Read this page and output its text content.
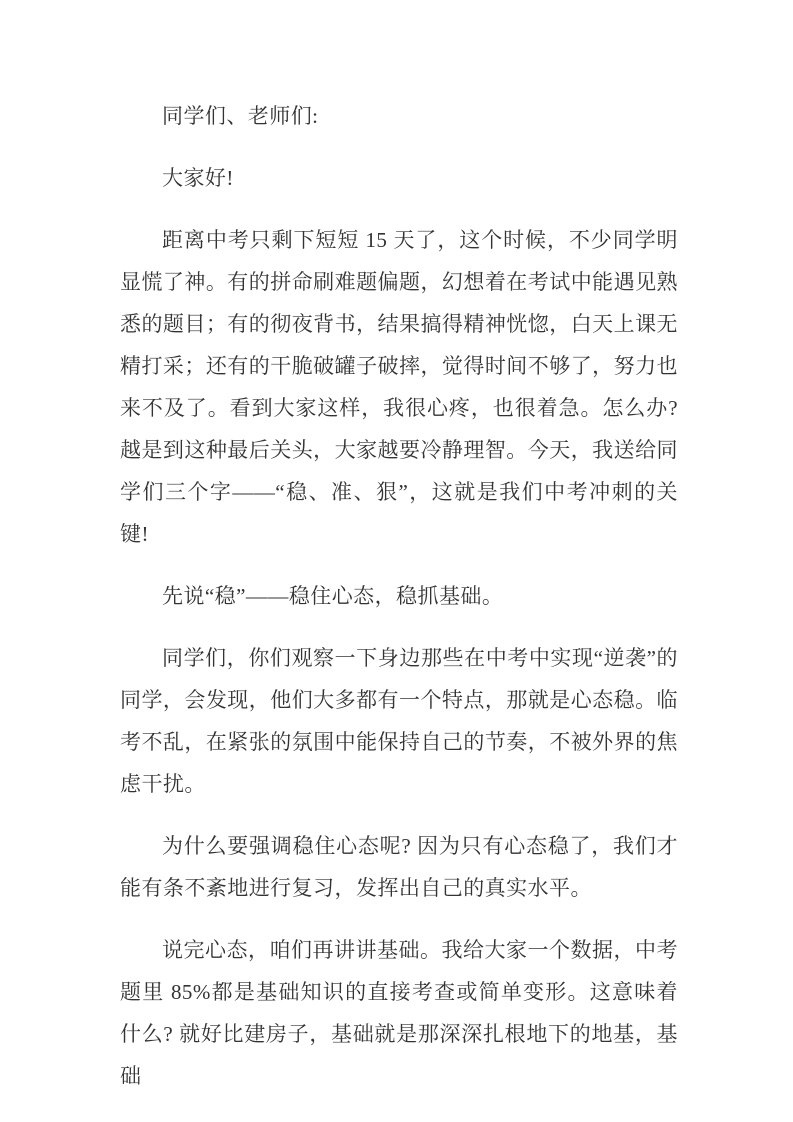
同学们、老师们:

大家好!

距离中考只剩下短短 15 天了，这个时候，不少同学明显慌了神。有的拼命刷难题偏题，幻想着在考试中能遇见熟悉的题目；有的彻夜背书，结果搞得精神恍惚，白天上课无精打采；还有的干脆破罐子破摔，觉得时间不够了，努力也来不及了。看到大家这样，我很心疼，也很着急。怎么办? 越是到这种最后关头，大家越要冷静理智。今天，我送给同学们三个字——“稳、准、狠”，这就是我们中考冲刺的关键!

先说“稳”——稳住心态，稳抓基础。

同学们，你们观察一下身边那些在中考中实现“逆袭”的同学，会发现，他们大多都有一个特点，那就是心态稳。临考不乱，在紧张的氛围中能保持自己的节奏，不被外界的焦虑干扰。

为什么要强调稳住心态呢? 因为只有心态稳了，我们才能有条不紊地进行复习，发挥出自己的真实水平。

说完心态，咱们再讲讲基础。我给大家一个数据，中考题里 85%都是基础知识的直接考查或简单变形。这意味着什么? 就好比建房子，基础就是那深深扎根地下的地基，基础
